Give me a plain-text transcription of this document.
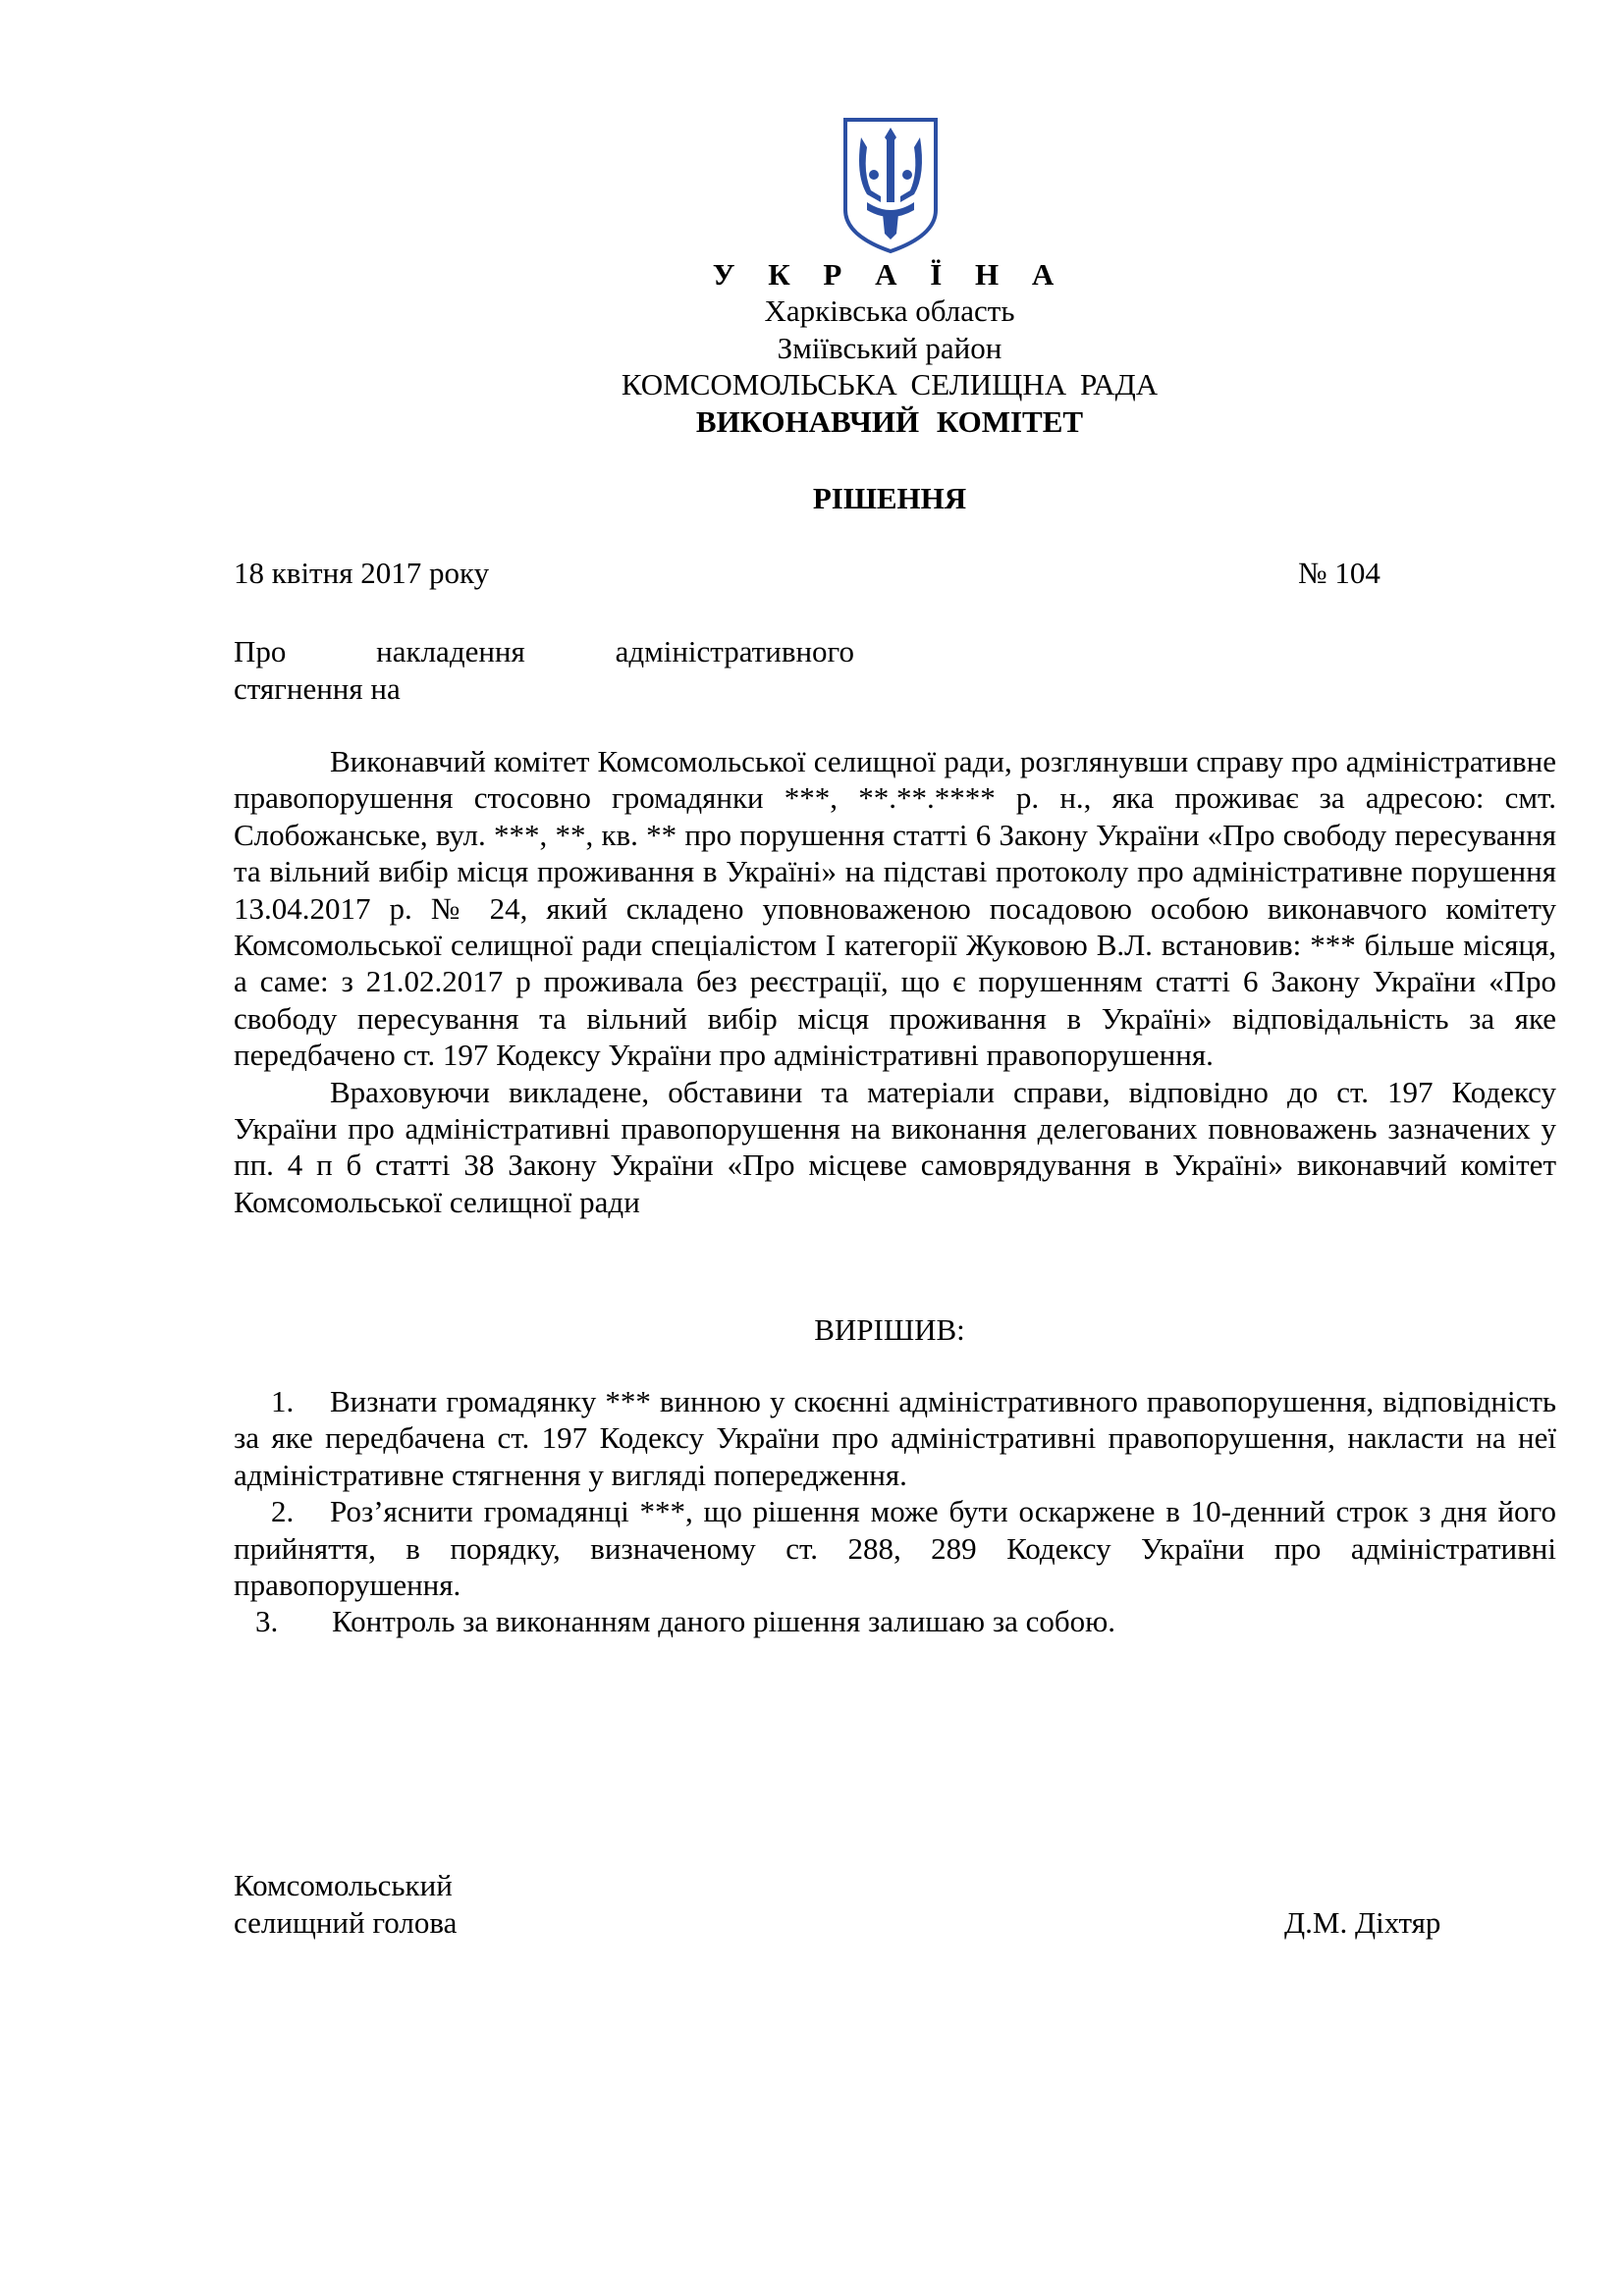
У К Р А Ї Н А
Харківська область
Зміївський район
КОМСОМОЛЬСЬКА СЕЛИЩНА РАДА
ВИКОНАВЧИЙ КОМІТЕТ
РІШЕННЯ
18 квітня 2017 року	№ 104
Про накладення адміністративного
стягнення на

Виконавчий комітет Комсомольської селищної ради, розглянувши справу про адміністративне правопорушення стосовно громадянки ***, **.**.**** р. н., яка проживає за адресою: смт. Слобожанське, вул. ***, **, кв. ** про порушення статті 6 Закону України «Про свободу пересування та вільний вибір місця проживання в Україні» на підставі протоколу про адміністративне порушення 13.04.2017 р. № 24, який складено уповноваженою посадовою особою виконавчого комітету Комсомольської селищної ради спеціалістом І категорії Жуковою В.Л. встановив: *** більше місяця, а саме: з 21.02.2017 р проживала без реєстрації, що є порушенням статті 6 Закону України «Про свободу пересування та вільний вибір місця проживання в Україні» відповідальність за яке передбачено ст. 197 Кодексу України про адміністративні правопорушення.

Враховуючи викладене, обставини та матеріали справи, відповідно до ст. 197 Кодексу України про адміністративні правопорушення на виконання делегованих повноважень зазначених у пп. 4 п б статті 38 Закону України «Про місцеве самоврядування в Україні» виконавчий комітет Комсомольської селищної ради

ВИРІШИВ:

1. Визнати громадянку *** винною у скоєнні адміністративного правопорушення, відповідність за яке передбачена ст. 197 Кодексу України про адміністративні правопорушення, накласти на неї адміністративне стягнення у вигляді попередження.

2. Роз’яснити громадянці ***, що рішення може бути оскаржене в 10-денний строк з дня його прийняття, в порядку, визначеному ст. 288, 289 Кодексу України про адміністративні правопорушення.

3. Контроль за виконанням даного рішення залишаю за собою.

Комсомольський
селищний голова	Д.М. Діхтяр
